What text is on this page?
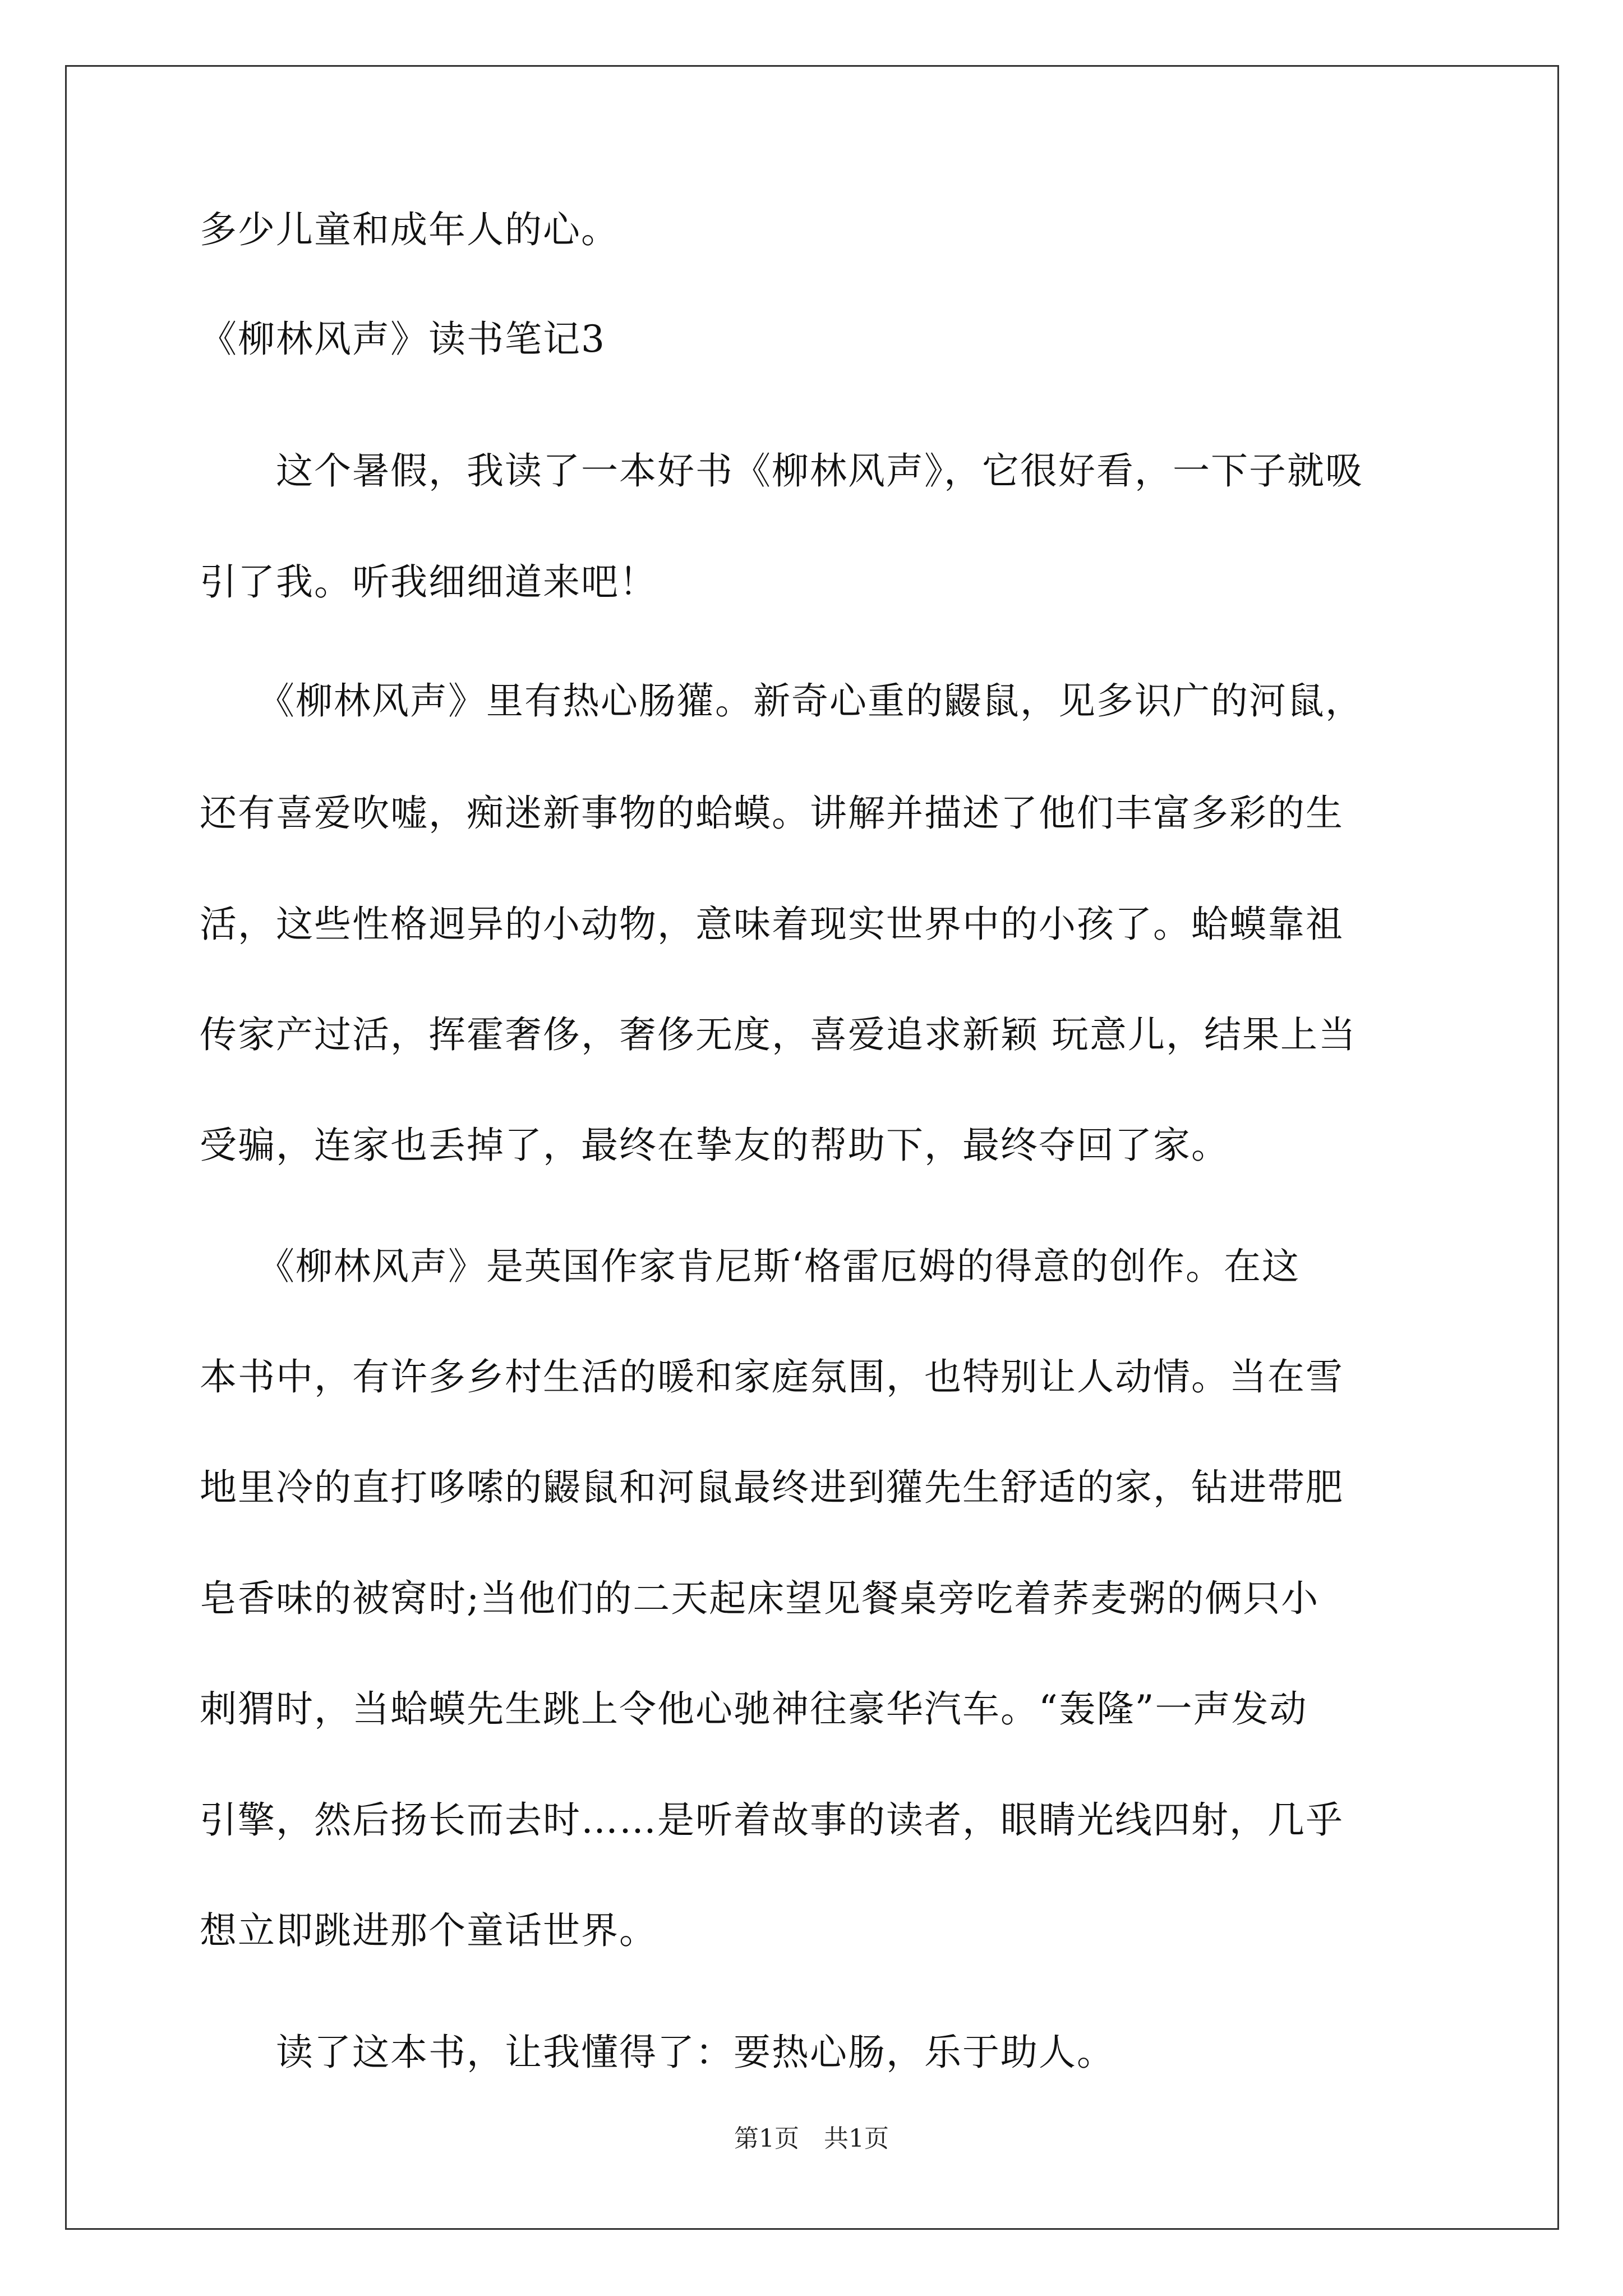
多少儿童和成年人的心。
《柳林风声》读书笔记3
　　这个暑假，我读了一本好书《柳林风声》，它很好看，一下子就吸
引了我。听我细细道来吧！
　　《柳林风声》里有热心肠獾。新奇心重的鼹鼠，见多识广的河鼠，
还有喜爱吹嘘，痴迷新事物的蛤蟆。讲解并描述了他们丰富多彩的生
活，这些性格迥异的小动物，意味着现实世界中的小孩了。蛤蟆靠祖
传家产过活，挥霍奢侈，奢侈无度，喜爱追求新颖 玩意儿，结果上当
受骗，连家也丢掉了，最终在挚友的帮助下，最终夺回了家。
　　《柳林风声》是英国作家肯尼斯‘格雷厄姆的得意的创作。在这
本书中，有许多乡村生活的暖和家庭氛围，也特别让人动情。当在雪
地里冷的直打哆嗦的鼹鼠和河鼠最终进到獾先生舒适的家，钻进带肥
皂香味的被窝时;当他们的二天起床望见餐桌旁吃着荞麦粥的俩只小
刺猬时，当蛤蟆先生跳上令他心驰神往豪华汽车。“轰隆”一声发动
引擎，然后扬长而去时……是听着故事的读者，眼睛光线四射，几乎
想立即跳进那个童话世界。
　　读了这本书，让我懂得了：要热心肠，乐于助人。
第1页　共1页
